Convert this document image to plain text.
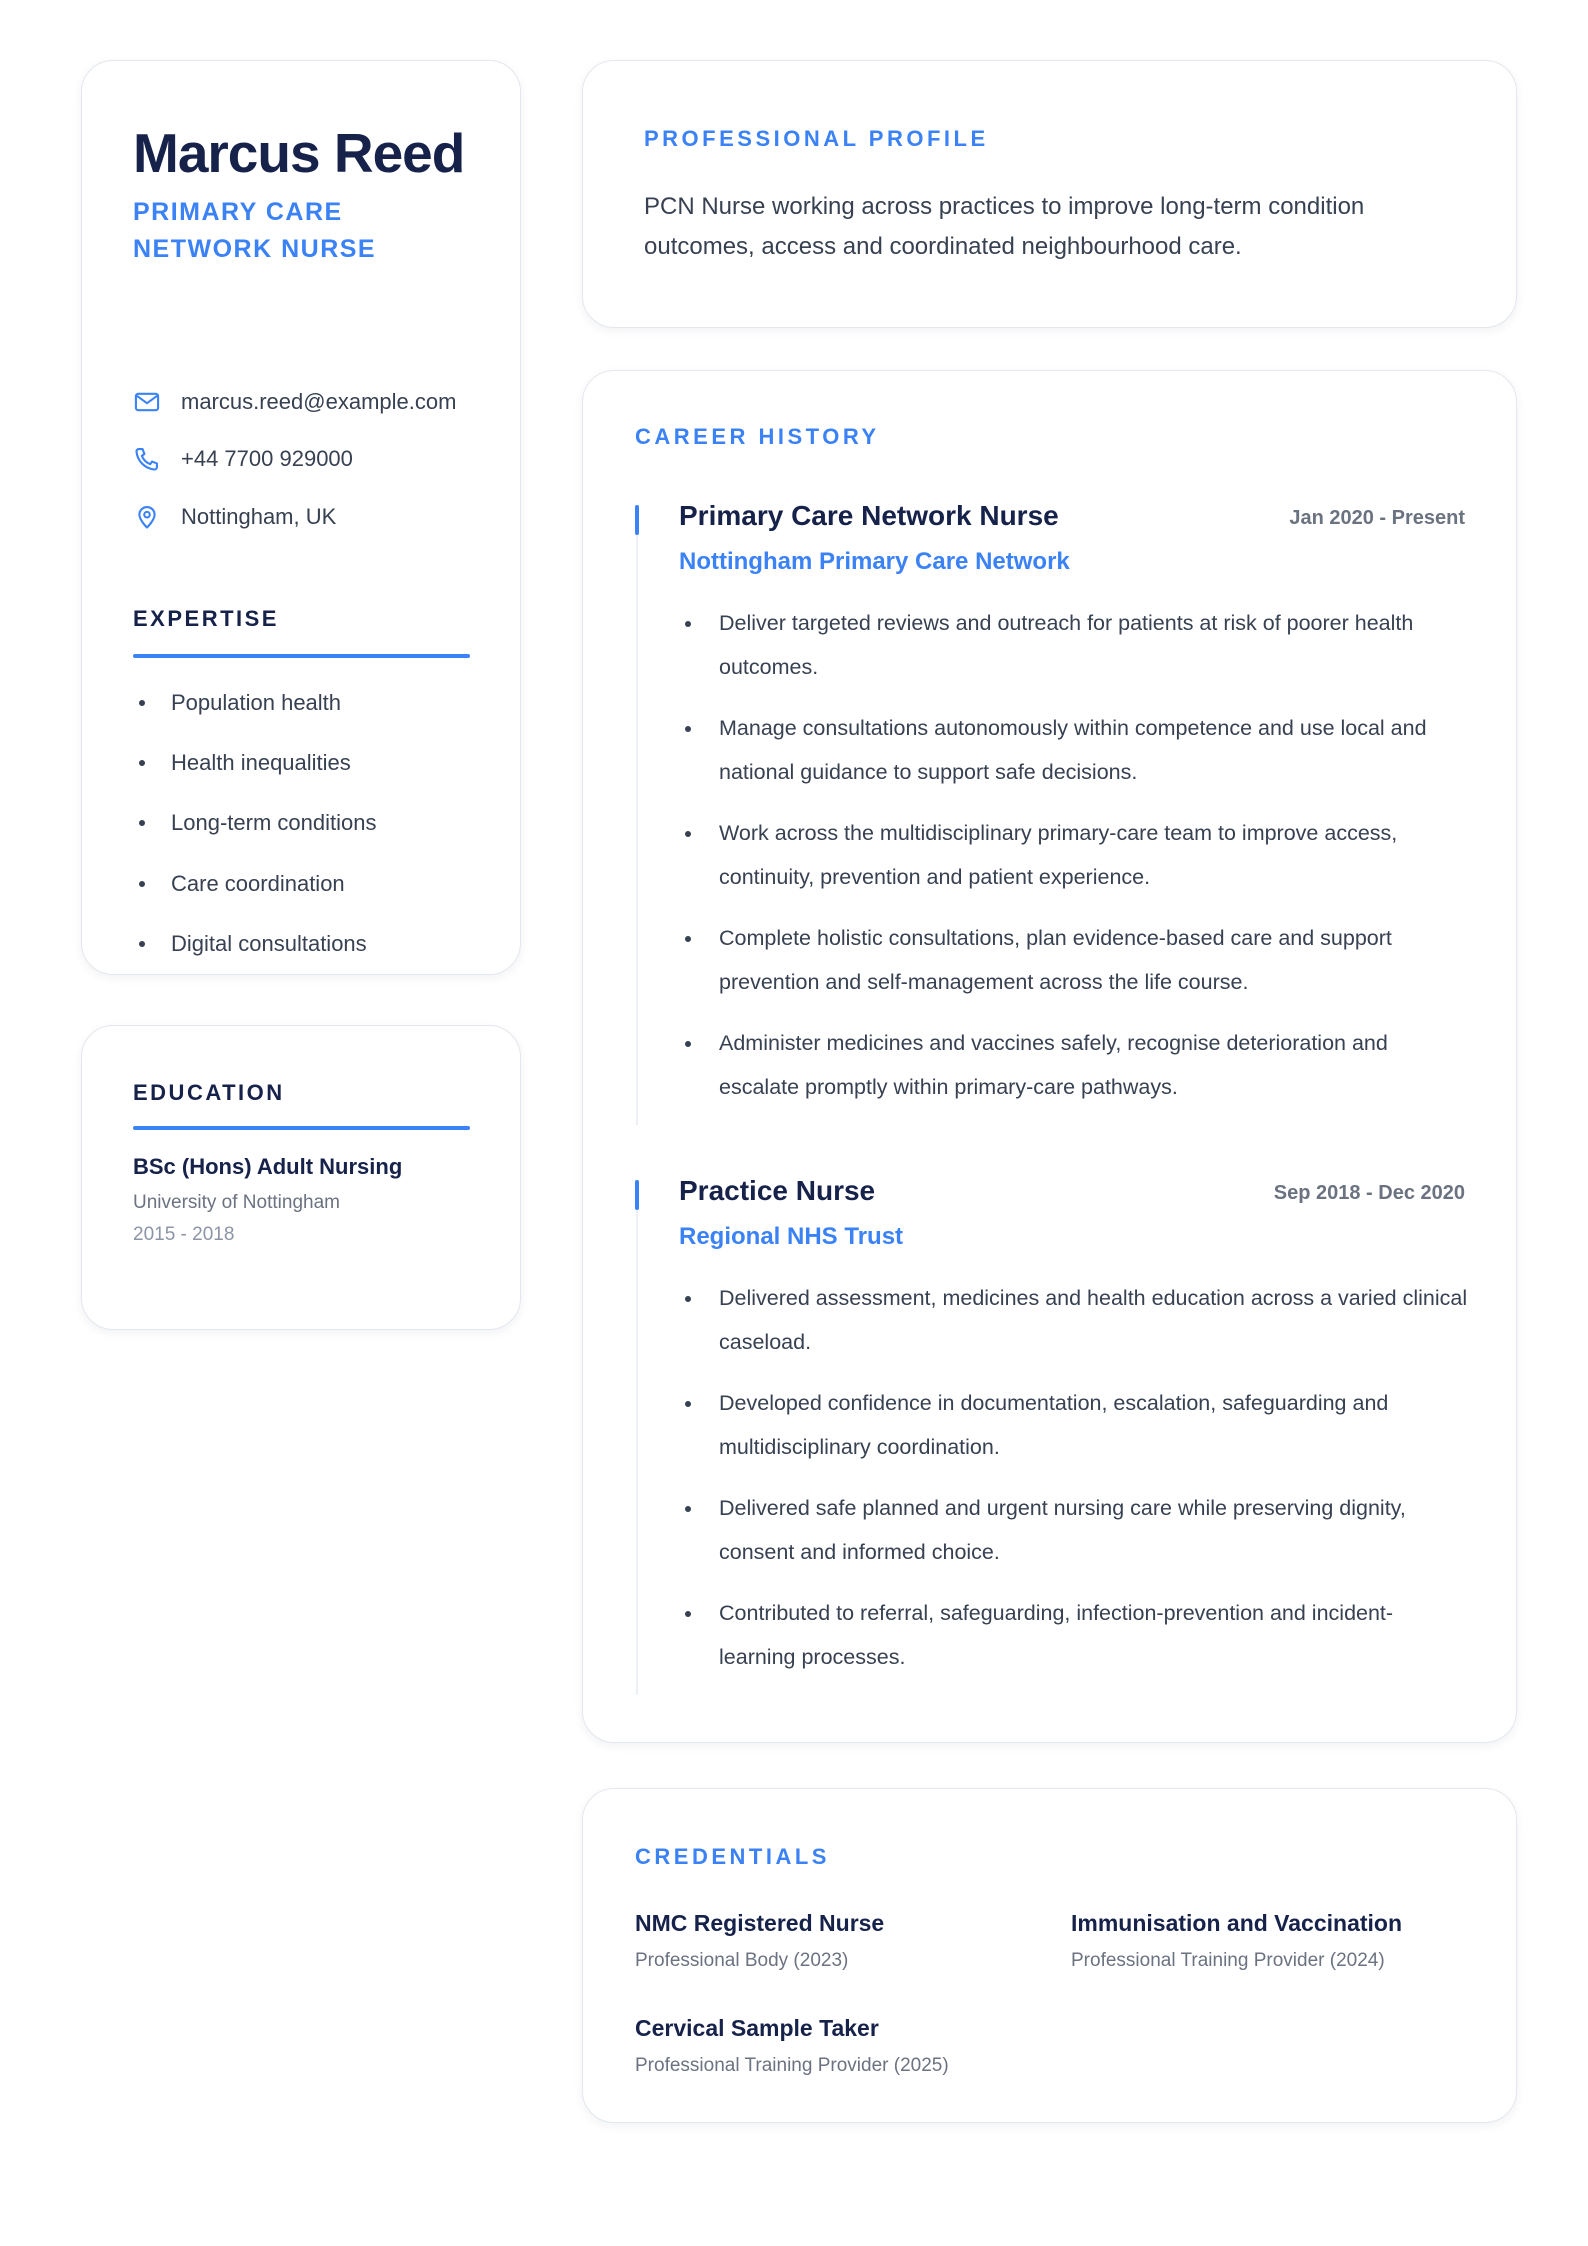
Marcus Reed
PRIMARY CARE
NETWORK NURSE
marcus.reed@example.com
+44 7700 929000
Nottingham, UK
EXPERTISE
Population health
Health inequalities
Long-term conditions
Care coordination
Digital consultations
EDUCATION
BSc (Hons) Adult Nursing
University of Nottingham
2015 - 2018
PROFESSIONAL PROFILE
PCN Nurse working across practices to improve long-term condition outcomes, access and coordinated neighbourhood care.
CAREER HISTORY
Primary Care Network Nurse	Jan 2020 - Present
Nottingham Primary Care Network
Deliver targeted reviews and outreach for patients at risk of poorer health outcomes.
Manage consultations autonomously within competence and use local and national guidance to support safe decisions.
Work across the multidisciplinary primary-care team to improve access, continuity, prevention and patient experience.
Complete holistic consultations, plan evidence-based care and support prevention and self-management across the life course.
Administer medicines and vaccines safely, recognise deterioration and escalate promptly within primary-care pathways.
Practice Nurse	Sep 2018 - Dec 2020
Regional NHS Trust
Delivered assessment, medicines and health education across a varied clinical caseload.
Developed confidence in documentation, escalation, safeguarding and multidisciplinary coordination.
Delivered safe planned and urgent nursing care while preserving dignity, consent and informed choice.
Contributed to referral, safeguarding, infection-prevention and incident-learning processes.
CREDENTIALS
NMC Registered Nurse
Professional Body (2023)
Immunisation and Vaccination
Professional Training Provider (2024)
Cervical Sample Taker
Professional Training Provider (2025)
